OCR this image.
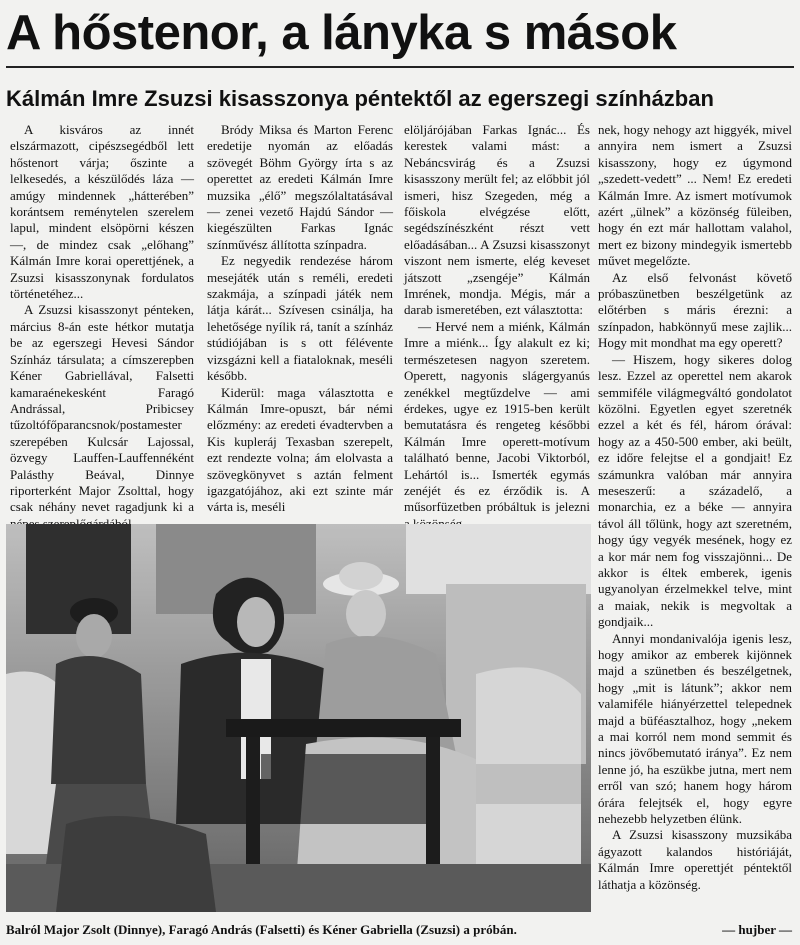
A hőstenor, a lányka s mások
Kálmán Imre Zsuzsi kisasszonya péntektől az egerszegi színházban

A kisváros az innét elszármazott, cipészsegédből lett hőstenort várja; őszinte a lelkesedés, a készülődés láza — amúgy mindennek „hátterében” korántsem reménytelen szerelem lapul, mindent elsöpörni készen —, de mindez csak „előhang” Kálmán Imre korai operettjének, a Zsuzsi kisasszonynak fordulatos történetéhez...

A Zsuzsi kisasszonyt pénteken, március 8-án este hétkor mutatja be az egerszegi Hevesi Sándor Színház társulata; a címszerepben Kéner Gabriellával, Falsetti kamaraénekesként Faragó Andrással, Pribicsey tűzoltófőparancsnok/postamester szerepében Kulcsár Lajossal, özvegy Lauffen-Lauffennéként Palásthy Beával, Dinnye riporterként Major Zsolttal, hogy csak néhány nevet ragadjunk ki a

Bródy Miksa és Marton Ferenc eredetije nyomán az előadás szövegét Böhm György írta s az operettet az eredeti Kálmán Imre muzsika „élő” megszólaltatásával — zenei vezető Hajdú Sándor — kiegészülten Farkas Ignác színművész állította színpadra.

Ez negyedik rendezése három mesejáték után s reméli, eredeti szakmája, a színpadi játék nem látja kárát... Szívesen csinálja, ha lehetősége nyílik rá, tanít a színház stúdiójában is s ott félévente vizsgázni kell a fiataloknak, meséli később.

Kiderül: maga választotta e Kálmán Imre-opuszt, bár némi előzmény: az eredeti évadtervben a Kis kupleráj Texasban szerepelt, ezt rendezte volna; ám elolvasta a szövegkönyvet s aztán felment igazgatójához, aki ezt szinte már várta is, meséli

elöljárójában Farkas Ignác... És kerestek valami mást: a Nebáncsvirág és a Zsuzsi kisasszony merült fel; az előbbit jól ismeri, hisz Szegeden, még a főiskola elvégzése előtt, segédszínészként részt vett előadásában... A Zsuzsi kisasszonyt viszont nem ismerte, elég keveset játszott „zsengéje” Kálmán Imrének, mondja. Mégis, már a darab ismeretében, ezt választotta:

— Hervé nem a miénk, Kálmán Imre a miénk... Így alakult ez ki; természetesen nagyon szeretem. Operett, nagyonis slágergyanús zenékkel megtűzdelve — ami érdekes, ugye ez 1915-ben került bemutatásra és rengeteg későbbi Kálmán Imre operett-motívum található benne, Jacobi Viktorból, Lehártól is... Ismerték egymás zenéjét és ez érződik is. A műsorfüzetben próbáltuk is jelezni

nek, hogy nehogy azt higgyék, mivel annyira nem ismert a Zsuzsi kisasszony, hogy ez úgymond „szedett-vedett” ... Nem! Ez eredeti Kálmán Imre. Az ismert motívumok azért „ülnek” a közönség füleiben, hogy én ezt már hallottam valahol, mert ez bizony mindegyik ismertebb művet megelőzte.

Az első felvonást követő próbaszünetben beszélgetünk az előtérben s máris érezni: a színpadon, habkönnyű mese zajlik... Hogy mit mondhat ma egy operett?

— Hiszem, hogy sikeres dolog lesz. Ezzel az operettel nem akarok semmiféle világmegváltó gondolatot közölni. Egyetlen egyet szeretnék ezzel a két és fél, három órával: hogy az a 450-500 ember, aki beült, ez időre felejtse el a gondjait! Ez számunkra valóban már annyira meseszerű: a századelő, a monarchia, ez a béke — annyira távol áll tőlünk, hogy azt szeretném, hogy úgy vegyék mesének, hogy ez a kor már nem fog visszajönni... De akkor is éltek emberek, igenis ugyanolyan érzelmekkel telve, mint a maiak, nekik is megvoltak a gondjaik...

Annyi mondanivalója igenis lesz, hogy amikor az emberek kijönnek majd a szünetben és beszélgetnek, hogy „mit is látunk”; akkor nem valamiféle hiányérzettel telepednek majd a büféasztalhoz, hogy „nekem a mai korról nem mond semmit és nincs jövőbemutató iránya”. Ez nem lenne jó, ha eszükbe jutna, mert nem erről van szó; hanem hogy három órára felejtsék el, hogy egyre nehezebb helyzetben élünk.

A Zsuzsi kisasszony muzsikába ágyazott kalandos históriáját, Kálmán Imre operettjét péntektől láthatja a közönség.

Balról Major Zsolt (Dinnye), Faragó András (Falsetti) és Kéner Gabriella (Zsuzsi) a próbán.	— hujber —
